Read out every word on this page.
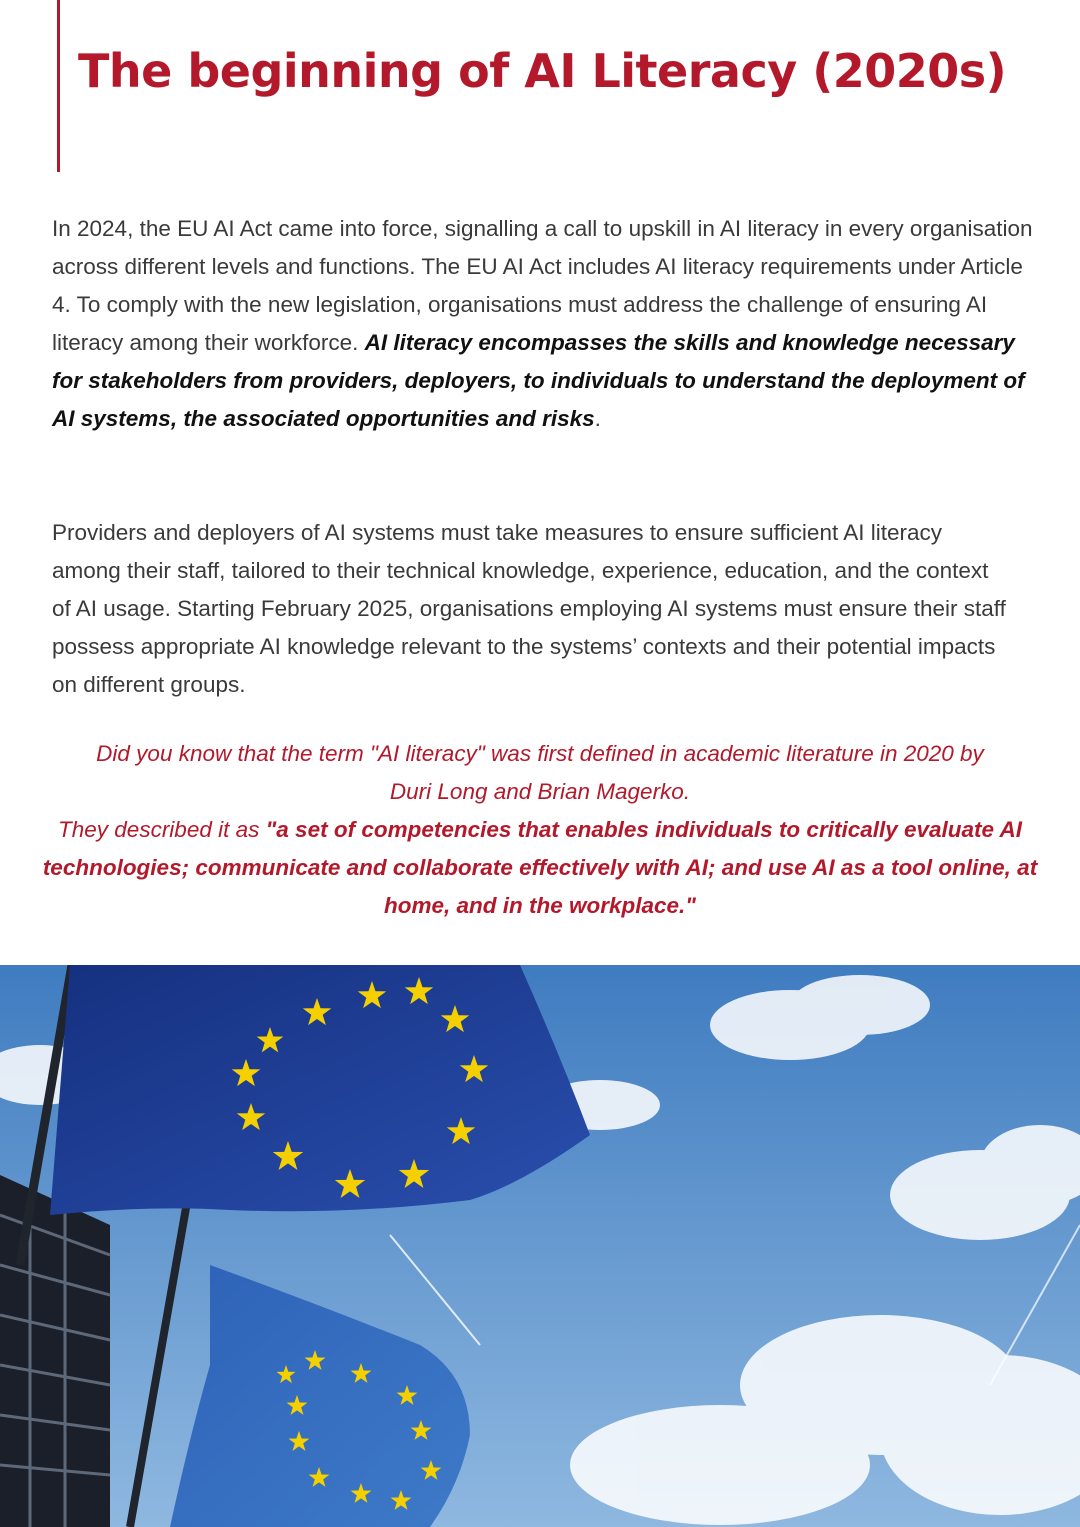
The beginning of AI Literacy (2020s)

In 2024, the EU AI Act came into force, signalling a call to upskill in AI literacy in every organisation across different levels and functions. The EU AI Act includes AI literacy requirements under Article 4. To comply with the new legislation, organisations must address the challenge of ensuring AI literacy among their workforce. AI literacy encompasses the skills and knowledge necessary for stakeholders from providers, deployers, to individuals to understand the deployment of AI systems, the associated opportunities and risks.

Providers and deployers of AI systems must take measures to ensure sufficient AI literacy among their staff, tailored to their technical knowledge, experience, education, and the context of AI usage. Starting February 2025, organisations employing AI systems must ensure their staff possess appropriate AI knowledge relevant to the systems’ contexts and their potential impacts on different groups.

Did you know that the term "AI literacy" was first defined in academic literature in 2020 by Duri Long and Brian Magerko.
They described it as "a set of competencies that enables individuals to critically evaluate AI technologies; communicate and collaborate effectively with AI; and use AI as a tool online, at home, and in the workplace."
